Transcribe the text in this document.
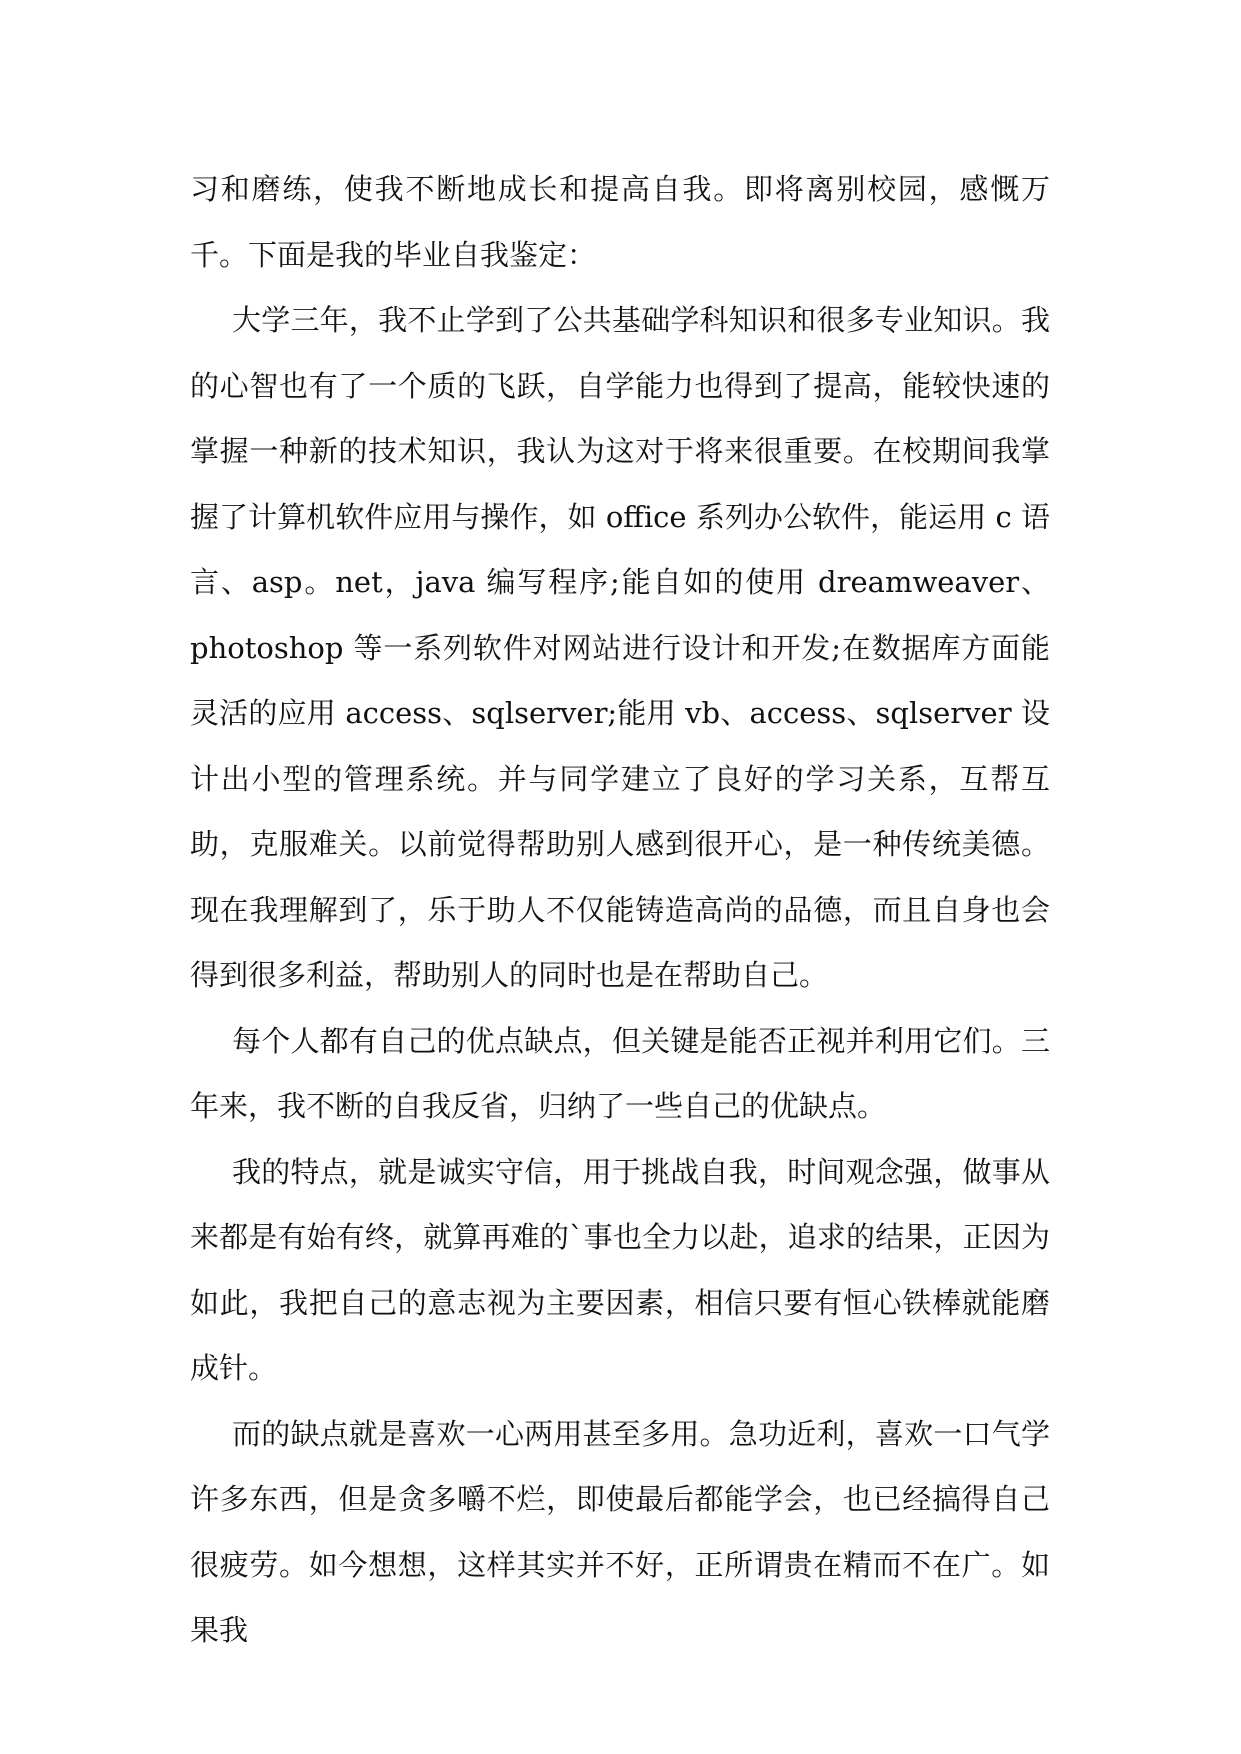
习和磨练，使我不断地成长和提高自我。即将离别校园，感慨万千。下面是我的毕业自我鉴定：

大学三年，我不止学到了公共基础学科知识和很多专业知识。我的心智也有了一个质的飞跃，自学能力也得到了提高，能较快速的掌握一种新的技术知识，我认为这对于将来很重要。在校期间我掌握了计算机软件应用与操作，如 office 系列办公软件，能运用 c 语言、asp。net，java 编写程序;能自如的使用 dreamweaver、photoshop 等一系列软件对网站进行设计和开发;在数据库方面能灵活的应用 access、sqlserver;能用 vb、access、sqlserver 设计出小型的管理系统。并与同学建立了良好的学习关系，互帮互助，克服难关。以前觉得帮助别人感到很开心，是一种传统美德。现在我理解到了，乐于助人不仅能铸造高尚的品德，而且自身也会得到很多利益，帮助别人的同时也是在帮助自己。

每个人都有自己的优点缺点，但关键是能否正视并利用它们。三年来，我不断的自我反省，归纳了一些自己的优缺点。

我的特点，就是诚实守信，用于挑战自我，时间观念强，做事从来都是有始有终，就算再难的`事也全力以赴，追求的结果，正因为如此，我把自己的意志视为主要因素，相信只要有恒心铁棒就能磨成针。

而的缺点就是喜欢一心两用甚至多用。急功近利，喜欢一口气学许多东西，但是贪多嚼不烂，即使最后都能学会，也已经搞得自己很疲劳。如今想想，这样其实并不好，正所谓贵在精而不在广。如果我
